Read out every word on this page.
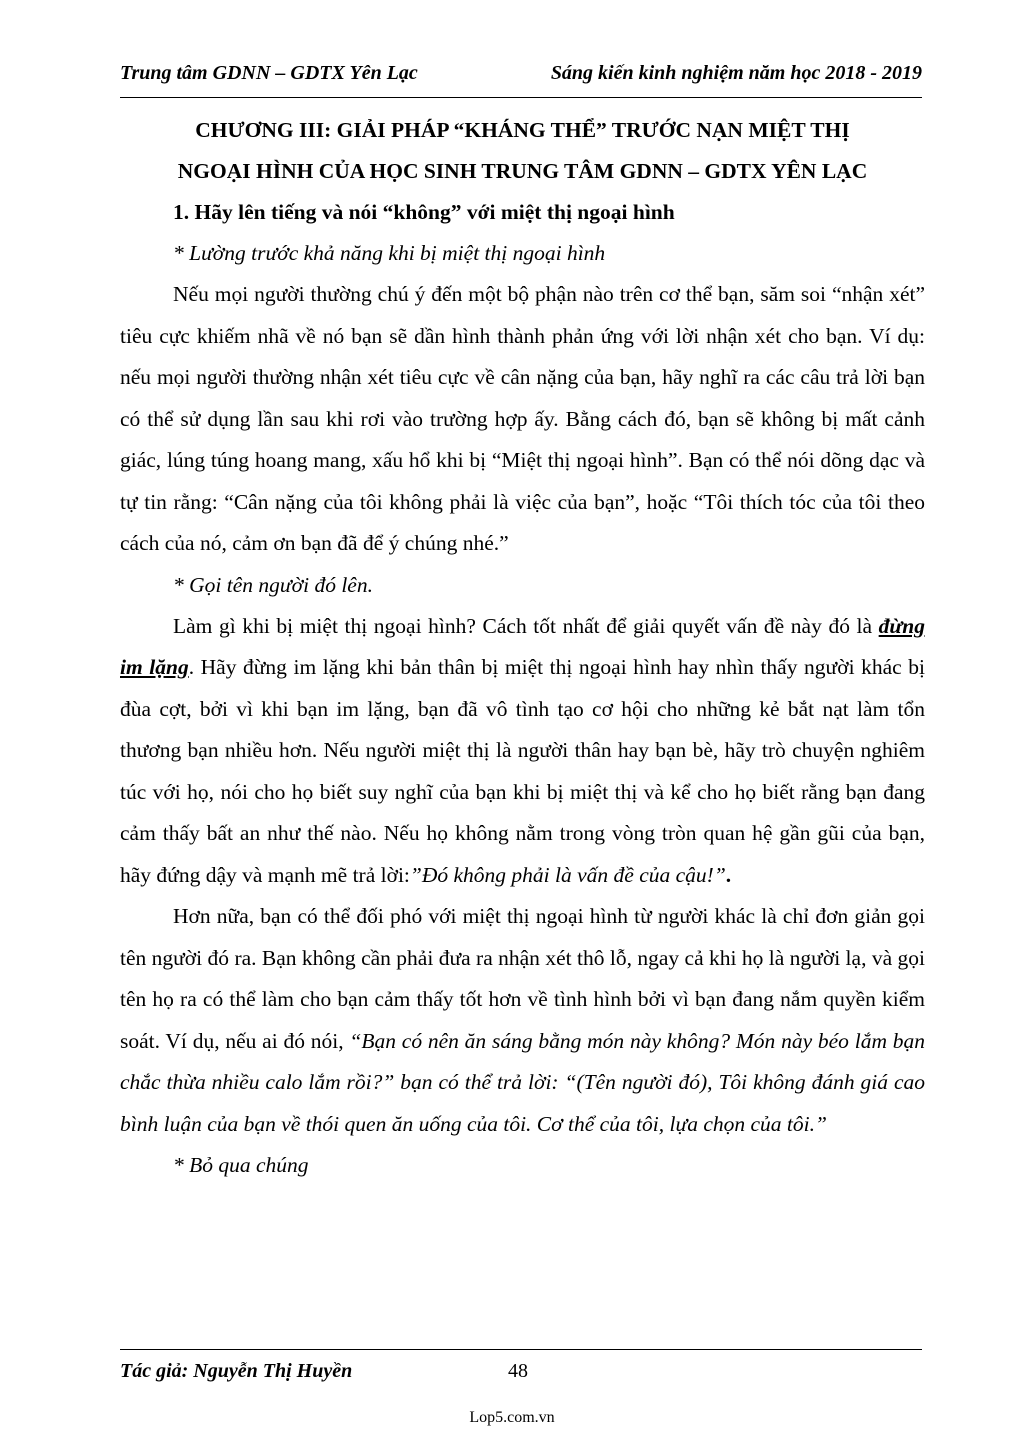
Trung tâm GDNN – GDTX Yên Lạc	Sáng kiến kinh nghiệm năm học 2018 - 2019
CHƯƠNG III: GIẢI PHÁP “KHÁNG THỂ” TRƯỚC NẠN MIỆT THỊ
NGOẠI HÌNH CỦA HỌC SINH TRUNG TÂM GDNN – GDTX YÊN LẠC
1. Hãy lên tiếng và nói “không” với miệt thị ngoại hình
* Lường trước khả năng khi bị miệt thị ngoại hình

Nếu mọi người thường chú ý đến một bộ phận nào trên cơ thể bạn, săm soi “nhận xét” tiêu cực khiếm nhã về nó bạn sẽ dần hình thành phản ứng với lời nhận xét cho bạn. Ví dụ: nếu mọi người thường nhận xét tiêu cực về cân nặng của bạn, hãy nghĩ ra các câu trả lời bạn có thể sử dụng lần sau khi rơi vào trường hợp ấy. Bằng cách đó, bạn sẽ không bị mất cảnh giác, lúng túng hoang mang, xấu hổ khi bị “Miệt thị ngoại hình”. Bạn có thể nói dõng dạc và tự tin rằng: “Cân nặng của tôi không phải là việc của bạn”, hoặc “Tôi thích tóc của tôi theo cách của nó, cảm ơn bạn đã để ý chúng nhé.”

* Gọi tên người đó lên.

Làm gì khi bị miệt thị ngoại hình? Cách tốt nhất để giải quyết vấn đề này đó là đừng im lặng. Hãy đừng im lặng khi bản thân bị miệt thị ngoại hình hay nhìn thấy người khác bị đùa cợt, bởi vì khi bạn im lặng, bạn đã vô tình tạo cơ hội cho những kẻ bắt nạt làm tổn thương bạn nhiều hơn. Nếu người miệt thị là người thân hay bạn bè, hãy trò chuyện nghiêm túc với họ, nói cho họ biết suy nghĩ của bạn khi bị miệt thị và kể cho họ biết rằng bạn đang cảm thấy bất an như thế nào. Nếu họ không nằm trong vòng tròn quan hệ gần gũi của bạn, hãy đứng dậy và mạnh mẽ trả lời:”Đó không phải là vấn đề của cậu!”.

Hơn nữa, bạn có thể đối phó với miệt thị ngoại hình từ người khác là chỉ đơn giản gọi tên người đó ra. Bạn không cần phải đưa ra nhận xét thô lỗ, ngay cả khi họ là người lạ, và gọi tên họ ra có thể làm cho bạn cảm thấy tốt hơn về tình hình bởi vì bạn đang nắm quyền kiểm soát. Ví dụ, nếu ai đó nói, “Bạn có nên ăn sáng bằng món này không? Món này béo lắm bạn chắc thừa nhiều calo lắm rồi?” bạn có thể trả lời: “(Tên người đó), Tôi không đánh giá cao bình luận của bạn về thói quen ăn uống của tôi. Cơ thể của tôi, lựa chọn của tôi.”

* Bỏ qua chúng
Tác giả: Nguyễn Thị Huyền	48
Lop5.com.vn
